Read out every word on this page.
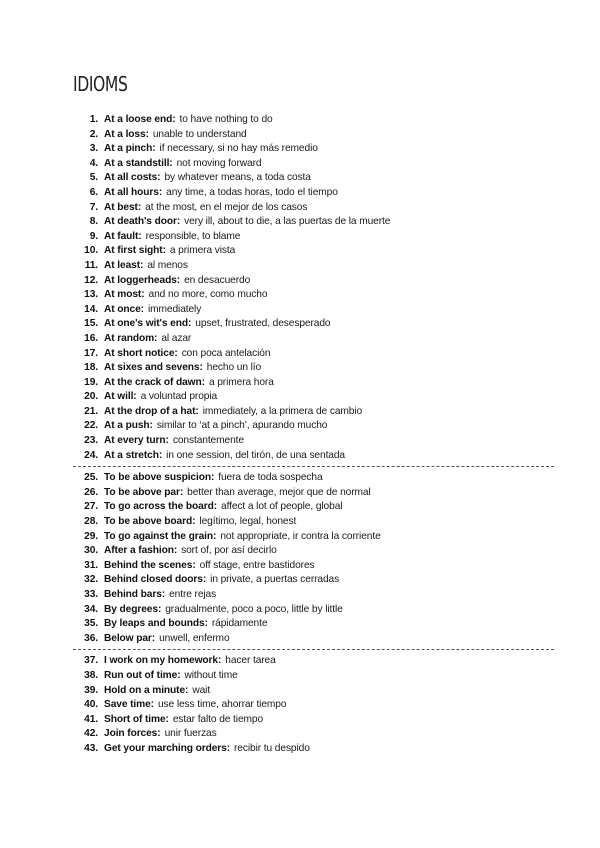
IDIOMS
1. At a loose end : to have nothing to do
2. At a loss : unable to understand
3. At a pinch : if necessary, si no hay más remedio
4. At a standstill : not moving forward
5. At all costs : by whatever means, a toda costa
6. At all hours : any time, a todas horas, todo el tiempo
7. At best : at the most, en el mejor de los casos
8. At death's door : very ill, about to die, a las puertas de la muerte
9. At fault : responsible, to blame
10. At first sight : a primera vista
11. At least : al menos
12. At loggerheads : en desacuerdo
13. At most : and no more, como mucho
14. At once : immediately
15. At one's wit's end : upset, frustrated, desesperado
16. At random : al azar
17. At short notice : con poca antelación
18. At sixes and sevens : hecho un lío
19. At the crack of dawn : a primera hora
20. At will : a voluntad propia
21. At the drop of a hat : immediately, a la primera de cambio
22. At a push : similar to ‘at a pinch’, apurando mucho
23. At every turn : constantemente
24. At a stretch : in one session, del tirón, de una sentada
25. To be above suspicion : fuera de toda sospecha
26. To be above par : better than average, mejor que de normal
27. To go across the board : affect a lot of people, global
28. To be above board : legítimo, legal, honest
29. To go against the grain : not appropriate, ir contra la corriente
30. After a fashion : sort of, por así decirlo
31. Behind the scenes : off stage, entre bastidores
32. Behind closed doors : in private, a puertas cerradas
33. Behind bars : entre rejas
34. By degrees : gradualmente, poco a poco, little by little
35. By leaps and bounds : rápidamente
36. Below par : unwell, enfermo
37. I work on my homework : hacer tarea
38. Run out of time : without time
39. Hold on a minute : wait
40. Save time : use less time, ahorrar tiempo
41. Short of time : estar falto de tiempo
42. Join forces : unir fuerzas
43. Get your marching orders : recibir tu despido
